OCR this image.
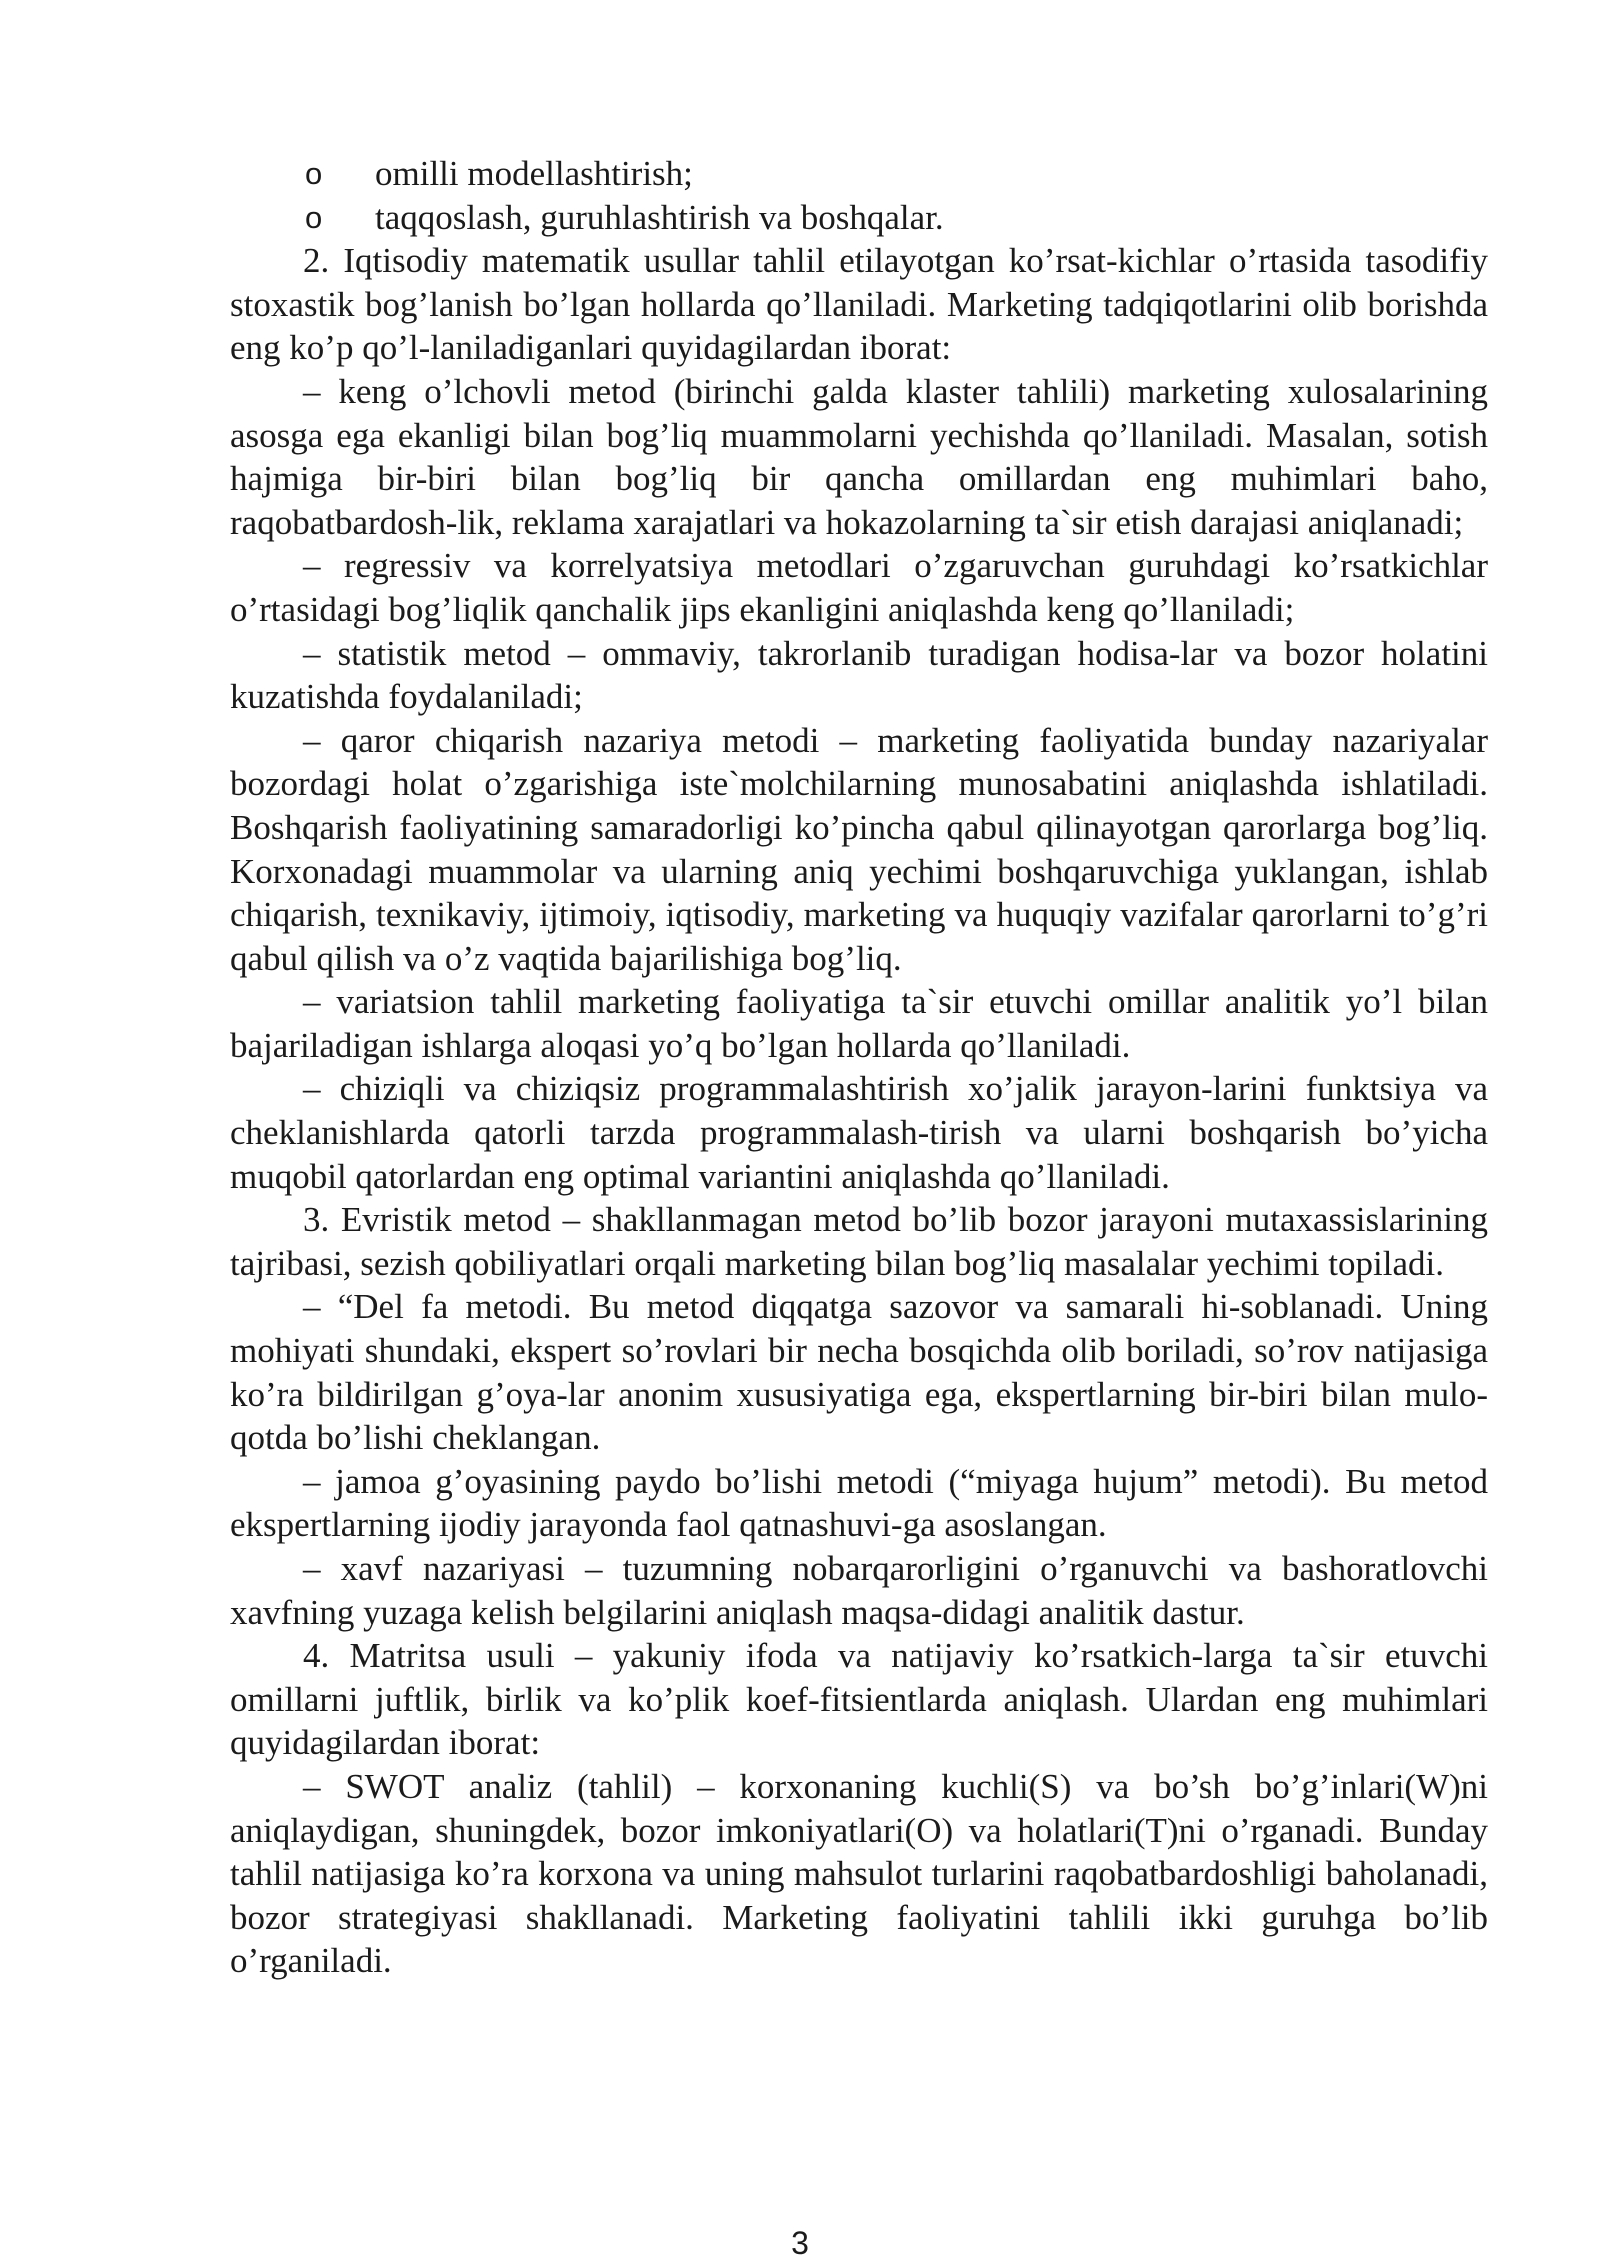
o omilli modellashtirish;
o taqqoslash, guruhlashtirish va boshqalar.

2. Iqtisodiy matematik usullar tahlil etilayotgan ko’rsat-kichlar o’rtasida tasodifiy stoxastik bog’lanish bo’lgan hollarda qo’llaniladi. Marketing tadqiqotlarini olib borishda eng ko’p qo’l-laniladiganlari quyidagilardan iborat:

– keng o’lchovli metod (birinchi galda klaster tahlili) marketing xulosalarining asosga ega ekanligi bilan bog’liq muammolarni yechishda qo’llaniladi. Masalan, sotish hajmiga bir-biri bilan bog’liq bir qancha omillardan eng muhimlari baho, raqobatbardosh-lik, reklama xarajatlari va hokazolarning ta`sir etish darajasi aniqlanadi;

– regressiv va korrelyatsiya metodlari o’zgaruvchan guruhdagi ko’rsatkichlar o’rtasidagi bog’liqlik qanchalik jips ekanligini aniqlashda keng qo’llaniladi;

– statistik metod – ommaviy, takrorlanib turadigan hodisa-lar va bozor holatini kuzatishda foydalaniladi;

– qaror chiqarish nazariya metodi – marketing faoliyatida bunday nazariyalar bozordagi holat o’zgarishiga iste`molchilarning munosabatini aniqlashda ishlatiladi. Boshqarish faoliyatining samaradorligi ko’pincha qabul qilinayotgan qarorlarga bog’liq. Korxonadagi muammolar va ularning aniq yechimi boshqaruvchiga yuklangan, ishlab chiqarish, texnikaviy, ijtimoiy, iqtisodiy, marketing va huquqiy vazifalar qarorlarni to’g’ri qabul qilish va o’z vaqtida bajarilishiga bog’liq.

– variatsion tahlil marketing faoliyatiga ta`sir etuvchi omillar analitik yo’l bilan bajariladigan ishlarga aloqasi yo’q bo’lgan hollarda qo’llaniladi.

– chiziqli va chiziqsiz programmalashtirish xo’jalik jarayon-larini funktsiya va cheklanishlarda qatorli tarzda programmalash-tirish va ularni boshqarish bo’yicha muqobil qatorlardan eng optimal variantini aniqlashda qo’llaniladi.

3. Evristik metod – shakllanmagan metod bo’lib bozor jarayoni mutaxassislarining tajribasi, sezish qobiliyatlari orqali marketing bilan bog’liq masalalar yechimi topiladi.

– “Del fa metodi. Bu metod diqqatga sazovor va samarali hi-soblanadi. Uning mohiyati shundaki, ekspert so’rovlari bir necha bosqichda olib boriladi, so’rov natijasiga ko’ra bildirilgan g’oya-lar anonim xususiyatiga ega, ekspertlarning bir-biri bilan mulo-qotda bo’lishi cheklangan.

– jamoa g’oyasining paydo bo’lishi metodi (“miyaga hujum” metodi). Bu metod ekspertlarning ijodiy jarayonda faol qatnashuvi-ga asoslangan.

– xavf nazariyasi – tuzumning nobarqarorligini o’rganuvchi va bashoratlovchi xavfning yuzaga kelish belgilarini aniqlash maqsa-didagi analitik dastur.

4. Matritsa usuli – yakuniy ifoda va natijaviy ko’rsatkich-larga ta`sir etuvchi omillarni juftlik, birlik va ko’plik koef-fitsientlarda aniqlash. Ulardan eng muhimlari quyidagilardan iborat:

– SWOT analiz (tahlil) – korxonaning kuchli(S) va bo’sh bo’g’inlari(W)ni aniqlaydigan, shuningdek, bozor imkoniyatlari(O) va holatlari(T)ni o’rganadi. Bunday tahlil natijasiga ko’ra korxona va uning mahsulot turlarini raqobatbardoshligi baholanadi, bozor strategiyasi shakllanadi. Marketing faoliyatini tahlili ikki guruhga bo’lib o’rganiladi.

3
